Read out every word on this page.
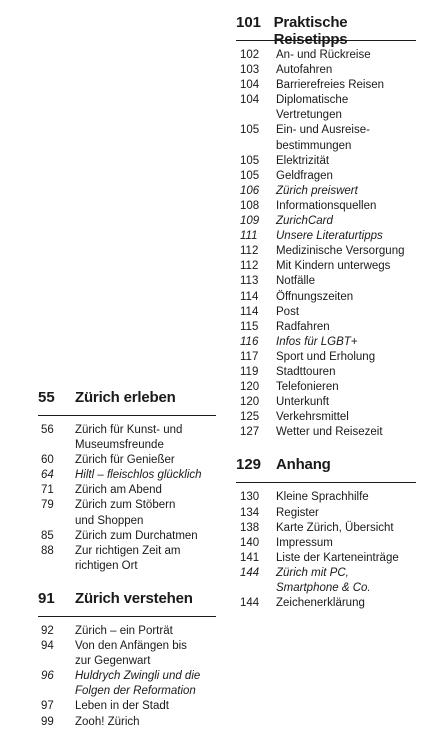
55	Zürich erleben
56	Zürich für Kunst- und
Museumsfreunde
60	Zürich für Genießer
64	Hiltl – fleischlos glücklich
71	Zürich am Abend
79	Zürich zum Stöbern
und Shoppen
85	Zürich zum Durchatmen
88	Zur richtigen Zeit am
richtigen Ort
91	Zürich verstehen
92	Zürich – ein Porträt
94	Von den Anfängen bis
zur Gegenwart
96	Huldrych Zwingli und die
Folgen der Reformation
97	Leben in der Stadt
99	Zooh! Zürich
101 Praktische Reisetipps
102	An- und Rückreise
103	Autofahren
104	Barrierefreies Reisen
104	Diplomatische Vertretungen
105	Ein- und Ausreise-
bestimmungen
105	Elektrizität
105	Geldfragen
106	Zürich preiswert
108	Informationsquellen
109	ZurichCard
111	Unsere Literaturtipps
112	Medizinische Versorgung
112	Mit Kindern unterwegs
113	Notfälle
114	Öffnungszeiten
114	Post
115	Radfahren
116	Infos für LGBT+
117	Sport und Erholung
119	Stadttouren
120	Telefonieren
120	Unterkunft
125	Verkehrsmittel
127	Wetter und Reisezeit
129 Anhang
130	Kleine Sprachhilfe
134	Register
138	Karte Zürich, Übersicht
140	Impressum
141	Liste der Karteneinträge
144	Zürich mit PC,
Smartphone & Co.
144	Zeichenerklärung
